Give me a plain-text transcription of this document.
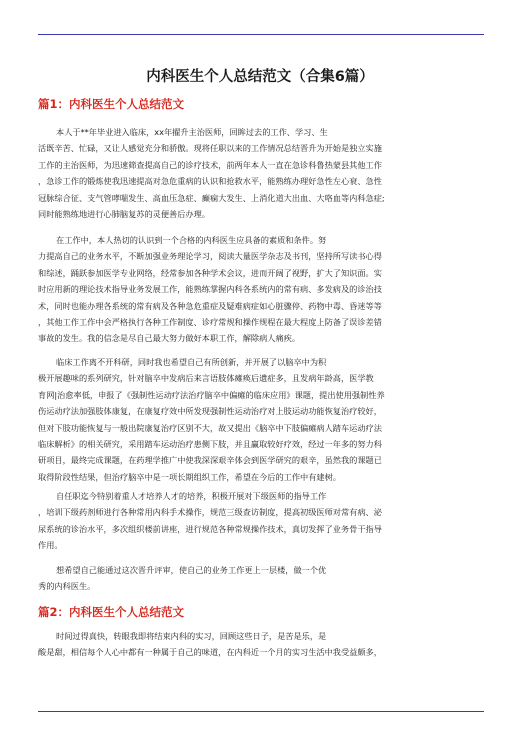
内科医生个人总结范文（合集6篇）
篇1：内科医生个人总结范文
本人于**年毕业进入临床，xx年擢升主治医师，回眸过去的工作、学习、生
活既辛苦、忙碌，又让人感觉充分和骄傲。现将任职以来的工作情况总结晋升为开始是独立实施
工作的主治医师，为迅速筛查提高自己的诊疗技术，前两年本人一直在急诊科鲁热蒙县其他工作
，急诊工作的锻炼使我迅速提高对急危重病的认识和抢救水平，能熟练办理好急性左心衰、急性
冠脉综合征、支气管哮喘发生、高血压急症、癫痫大发生、上消化道大出血、大咯血等内科急症;
同时能熟练地进行心肺脑复苏的灵便善后办理。
在工作中，本人热切的认识到一个合格的内科医生应具备的素质和条件。努
力提高自己的业务水平，不断加强业务理论学习，阅读大量医学杂志及书刊，坚持所写读书心得
和综述，踊跃参加医学专业网络，经常参加各种学术会议，进而开阔了视野，扩大了知识面。实
时应用新的理论技术指导业务发展工作，能熟练掌握内科各系统内的常有病、多发病及的诊治技
术，同时也能办理各系统的常有病及各种急危重症及疑难病症如心脏骤停、药物中毒、昏迷等等
，其他工作工作中会严格执行各种工作制度、诊疗常规和操作规程在最大程度上防备了误诊差错
事故的发生。我的信念是尽自己最大努力做好本职工作，解除病人痛疾。
临床工作离不开科研，同时我也希望自己有所创新，并开展了以脑卒中为积
极开展趣味的系列研究，针对脑卒中发病后来言语肢体瘫痪后遗症多，且发病年龄高，医学教
育网|治愈率低，申报了《强制性运动疗法治疗脑卒中偏瘫的临床应用》课题，提出使用强制性养
伤运动疗法加强肢体康复，在康复疗效中所发现强制性运动治疗对上肢运动功能恢复治疗较好，
但对下肢功能恢复与一般出院康复治疗区别不大，故又提出《脑卒中下肢偏瘫病人踏车运动疗法
临床解析》的相关研究，采用踏车运动治疗患侧下肢，并且赢取较好疗效，经过一年多的努力科
研项目，最终完成课题，在药理学推广中使我深深艰辛体会到医学研究的艰辛，虽然我的课题已
取得阶段性结果，但治疗脑卒中是一项长期组织工作，希望在今后的工作中有建树。
自任职迄今特别着重人才培养人才的培养，积极开展对下级医师的指导工作
，培训下级药剂师进行各种常用内科手术操作，规范三级查访制度，提高初级医师对常有病、泌
尿系统的诊治水平，多次组织楼前讲座，进行规范各种常规操作技术，真切发挥了业务骨干指导
作用。
想希望自己能通过这次晋升评审，使自己的业务工作更上一层楼，做一个优
秀的内科医生。
篇2：内科医生个人总结范文
时间过得真快，转眼我即将结束内科的实习，回顾这些日子，是苦是乐，是
酸是甜，相信每个人心中都有一种属于自己的味道，在内科近一个月的实习生活中我受益颇多，
